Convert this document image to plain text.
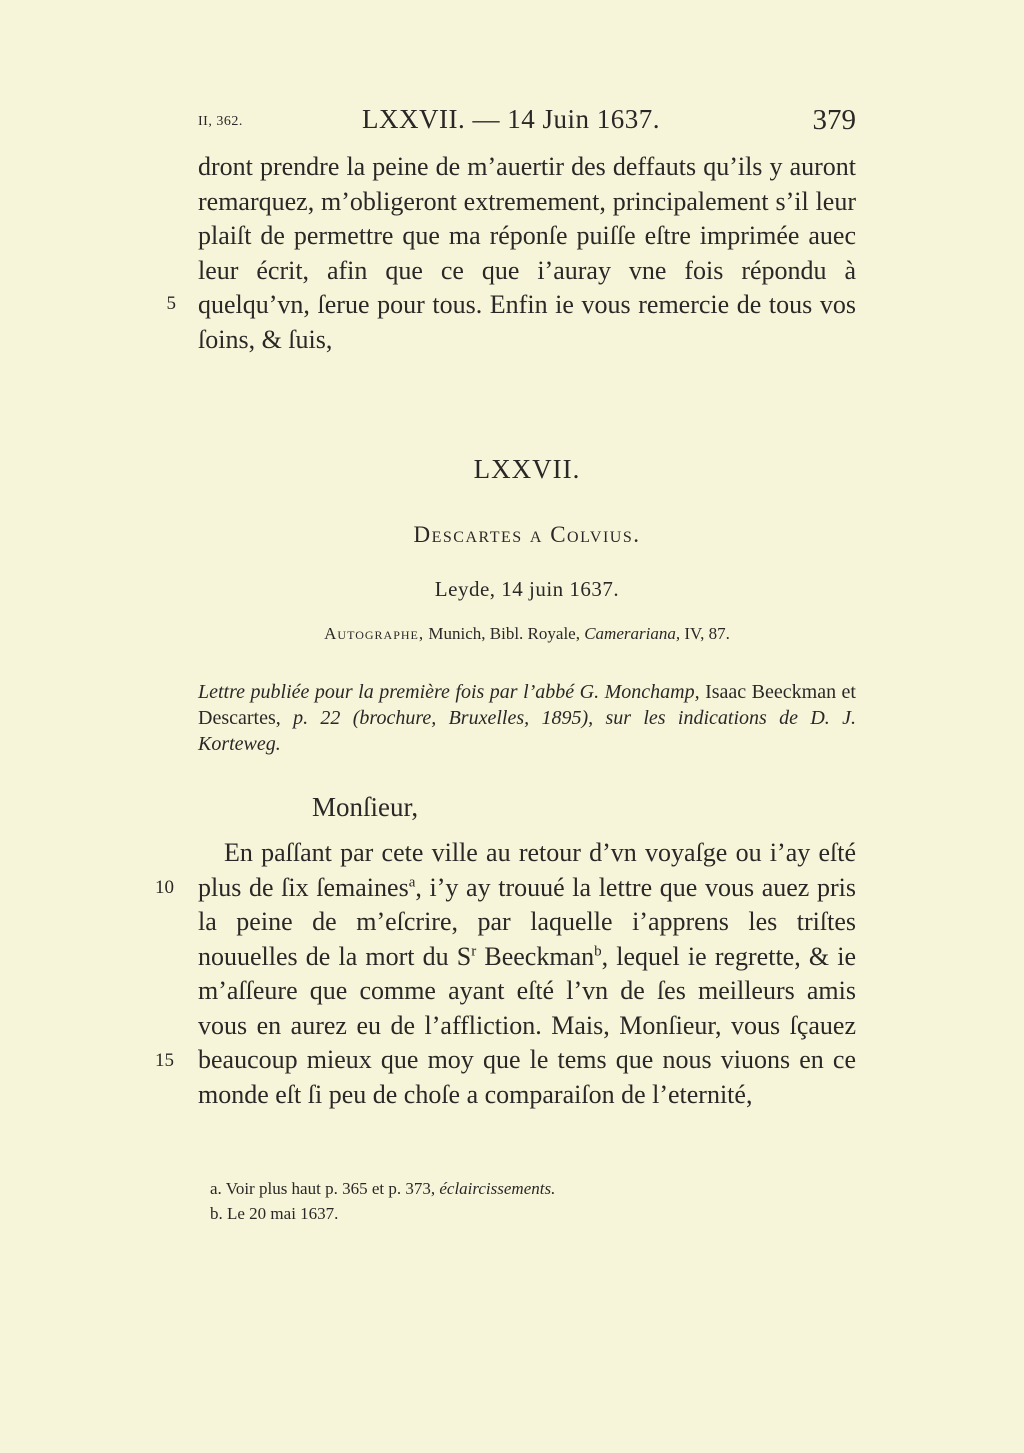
II, 362.	LXXVII. — 14 Juin 1637.	379

dront prendre la peine de m’auertir des deffauts qu’ils y auront remarquez, m’obligeront extremement, principalement s’il leur plaiſt de permettre que ma réponſe puiſſe eſtre imprimée auec leur écrit, afin que ce que i’auray vne fois répondu à quelqu’vn, ſerue pour tous. Enfin ie vous remercie de tous vos ſoins, & ſuis,

5
10
15
LXXVII.
Descartes a Colvius.
Leyde, 14 juin 1637.
Autographe, Munich, Bibl. Royale, Camerariana, IV, 87.
Lettre publiée pour la première fois par l’abbé G. Monchamp, Isaac Beeckman et Descartes, p. 22 (brochure, Bruxelles, 1895), sur les indications de D. J. Korteweg.
Monſieur,

En paſſant par cete ville au retour d’vn voyaſge ou i’ay eſté plus de ſix ſemaines$^a$, i’y ay trouué la lettre que vous auez pris la peine de m’eſcrire, par laquelle i’apprens les triſtes nouuelles de la mort du $S^r$ Beeckman$^b$, lequel ie regrette, & ie m’aſſeure que comme ayant eſté l’vn de ſes meilleurs amis vous en aurez eu de l’affliction. Mais, Monſieur, vous ſçauez beaucoup mieux que moy que le tems que nous viuons en ce monde eſt ſi peu de choſe a comparaiſon de l’eternité,

a. Voir plus haut p. 365 et p. 373, éclaircissements.
b. Le 20 mai 1637.
